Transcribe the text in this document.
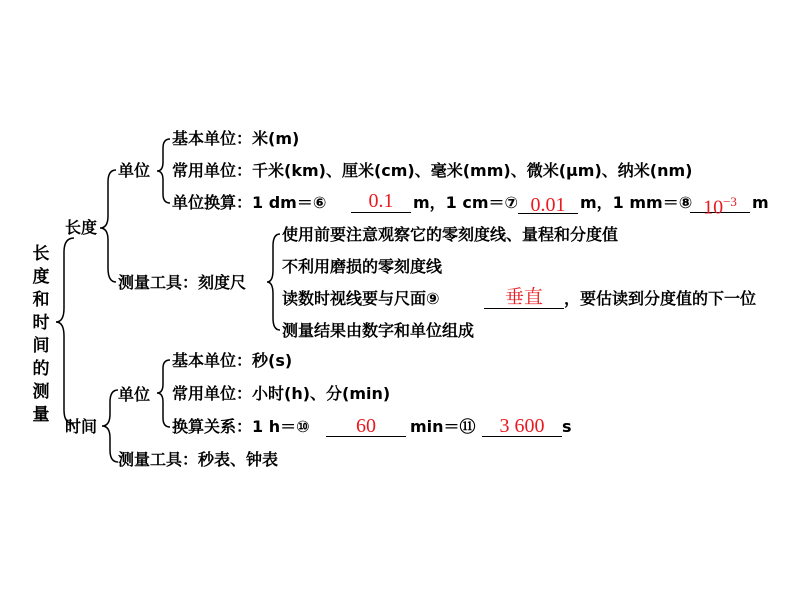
长
度
和
时
间
的
测
量
长度
单位
基本单位：米(m)
常用单位：千米(km)、厘米(cm)、毫米(mm)、微米(μm)、纳米(nm)
单位换算：1 dm＝⑥	0.1	m，1 cm＝⑦ 0.01 m，1 mm＝⑧ $10^{-3}$ m
测量工具：刻度尺
使用前要注意观察它的零刻度线、量程和分度值
不利用磨损的零刻度线
读数时视线要与尺面⑨	垂直	，要估读到分度值的下一位
测量结果由数字和单位组成
时间
单位
基本单位：秒(s)
常用单位：小时(h)、分(min)
换算关系：1 h＝⑩	60	min＝⑪	3 600	s
测量工具：秒表、钟表
